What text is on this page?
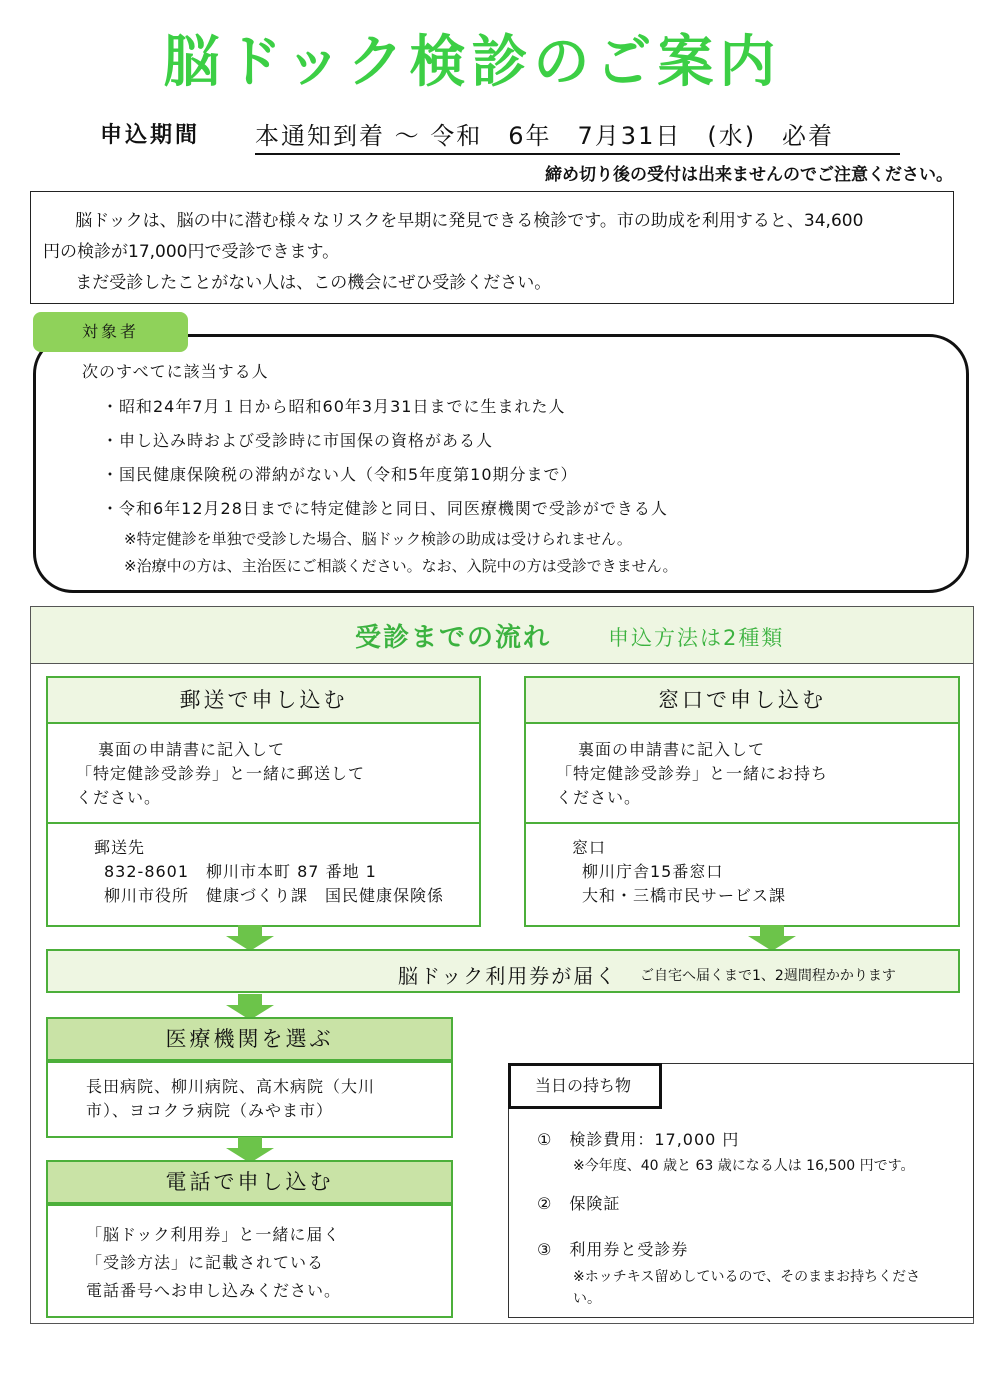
脳ドック検診のご案内
申込期間 本通知到着 ～ 令和　6年　7月31日　(水)　必着
締め切り後の受付は出来ませんのでご注意ください。

脳ドックは、脳の中に潜む様々なリスクを早期に発見できる検診です。市の助成を利用すると、34,600

円の検診が17,000円で受診できます。

まだ受診したことがない人は、この機会にぜひ受診ください。

対象者
次のすべてに該当する人
・昭和24年7月１日から昭和60年3月31日までに生まれた人
・申し込み時および受診時に市国保の資格がある人
・国民健康保険税の滞納がない人（令和5年度第10期分まで）
・令和6年12月28日までに特定健診と同日、同医療機関で受診ができる人
※特定健診を単独で受診した場合、脳ドック検診の助成は受けられません。
※治療中の方は、主治医にご相談ください。なお、入院中の方は受診できません。
受診までの流れ	申込方法は2種類
郵送で申し込む
裏面の申請書に記入して
「特定健診受診券」と一緒に郵送して
ください。
郵送先
832-8601　柳川市本町 87 番地 1
柳川市役所　健康づくり課　国民健康保険係
窓口で申し込む
裏面の申請書に記入して
「特定健診受診券」と一緒にお持ち
ください。
窓口
柳川庁舎15番窓口
大和・三橋市民サービス課
脳ドック利用券が届く ご自宅へ届くまで1、2週間程かかります
医療機関を選ぶ
長田病院、柳川病院、高木病院（大川
市）、ヨコクラ病院（みやま市）
電話で申し込む
「脳ドック利用券」と一緒に届く
「受診方法」に記載されている
電話番号へお申し込みください。
当日の持ち物
①　検診費用：17,000 円
※今年度、40 歳と 63 歳になる人は 16,500 円です。
②　保険証
③　利用券と受診券
※ホッチキス留めしているので、そのままお持ちくださ
い。
